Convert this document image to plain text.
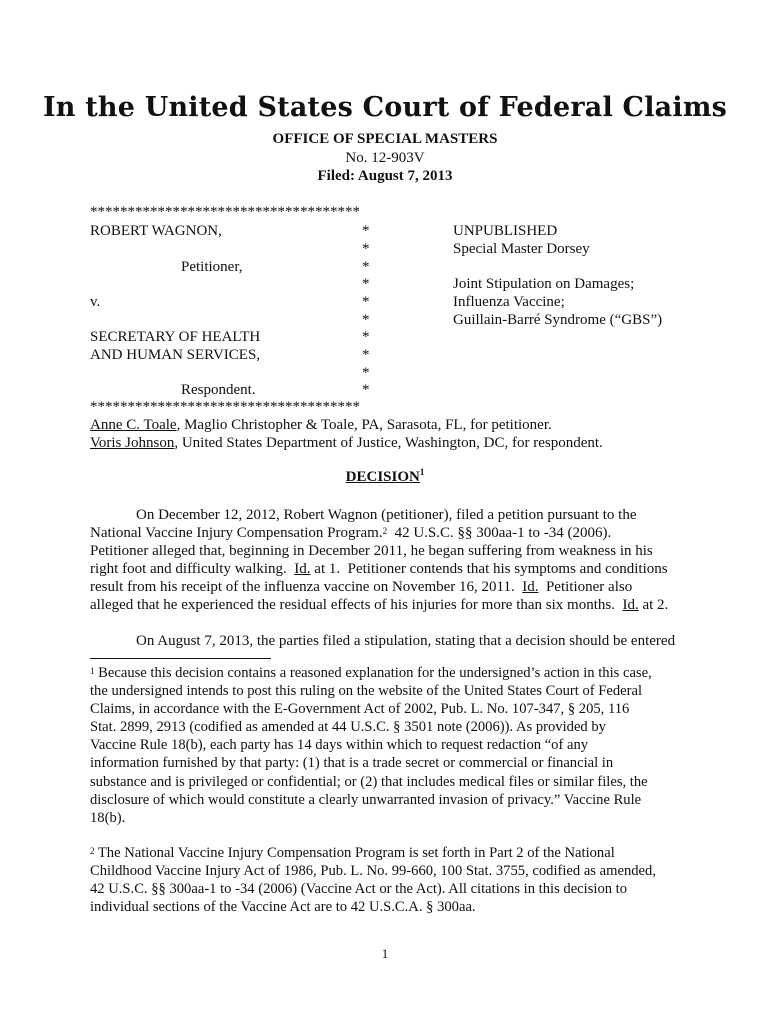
In the United States Court of Federal Claims
OFFICE OF SPECIAL MASTERS
No. 12-903V
Filed: August 7, 2013
************************************
ROBERT WAGNON,
Petitioner,
v.
SECRETARY OF HEALTH
AND HUMAN SERVICES,
Respondent.
************************************
*
*
*
*
*
*
*
*
*
*
UNPUBLISHED
Special Master Dorsey
Joint Stipulation on Damages;
Influenza Vaccine;
Guillain-Barré Syndrome (“GBS”)
Anne C. Toale, Maglio Christopher & Toale, PA, Sarasota, FL, for petitioner.
Voris Johnson, United States Department of Justice, Washington, DC, for respondent.
DECISION$^1$
On December 12, 2012, Robert Wagnon (petitioner), filed a petition pursuant to the
National Vaccine Injury Compensation Program.$^2$  42 U.S.C. §§ 300aa-1 to -34 (2006).
Petitioner alleged that, beginning in December 2011, he began suffering from weakness in his
right foot and difficulty walking.  Id. at 1.  Petitioner contends that his symptoms and conditions
result from his receipt of the influenza vaccine on November 16, 2011.  Id.  Petitioner also
alleged that he experienced the residual effects of his injuries for more than six months.  Id. at 2.
On August 7, 2013, the parties filed a stipulation, stating that a decision should be entered
$^1$ Because this decision contains a reasoned explanation for the undersigned’s action in this case,
the undersigned intends to post this ruling on the website of the United States Court of Federal
Claims, in accordance with the E-Government Act of 2002, Pub. L. No. 107-347, § 205, 116
Stat. 2899, 2913 (codified as amended at 44 U.S.C. § 3501 note (2006)). As provided by
Vaccine Rule 18(b), each party has 14 days within which to request redaction “of any
information furnished by that party: (1) that is a trade secret or commercial or financial in
substance and is privileged or confidential; or (2) that includes medical files or similar files, the
disclosure of which would constitute a clearly unwarranted invasion of privacy.” Vaccine Rule
18(b).
$^2$ The National Vaccine Injury Compensation Program is set forth in Part 2 of the National
Childhood Vaccine Injury Act of 1986, Pub. L. No. 99-660, 100 Stat. 3755, codified as amended,
42 U.S.C. §§ 300aa-1 to -34 (2006) (Vaccine Act or the Act). All citations in this decision to
individual sections of the Vaccine Act are to 42 U.S.C.A. § 300aa.
1
